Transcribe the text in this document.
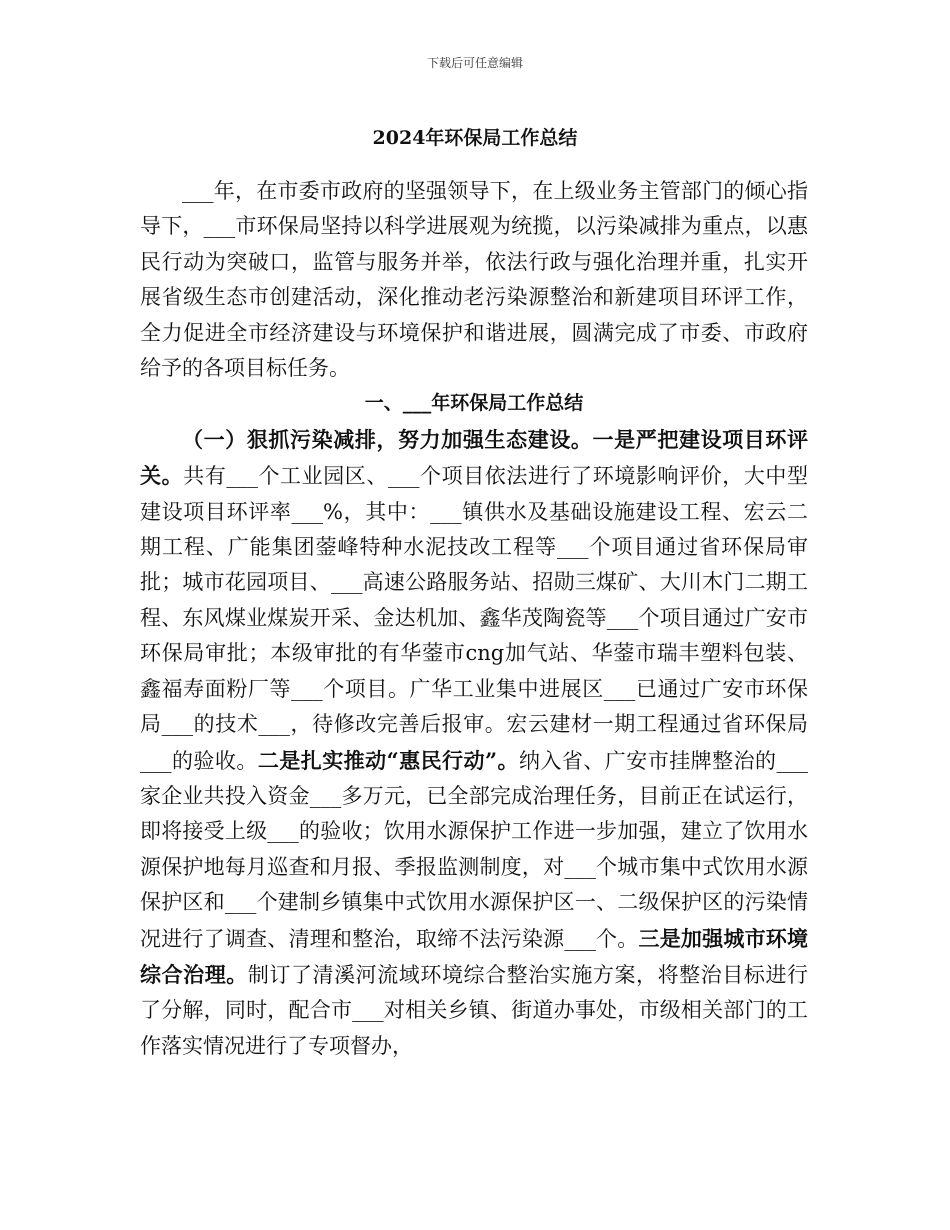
下载后可任意编辑
2024年环保局工作总结

___年，在市委市政府的坚强领导下，在上级业务主管部门的倾心指导下，___市环保局坚持以科学进展观为统揽，以污染减排为重点，以惠民行动为突破口，监管与服务并举，依法行政与强化治理并重，扎实开展省级生态市创建活动，深化推动老污染源整治和新建项目环评工作，全力促进全市经济建设与环境保护和谐进展，圆满完成了市委、市政府给予的各项目标任务。

一、___年环保局工作总结

（一）狠抓污染减排，努力加强生态建设。一是严把建设项目环评关。共有___个工业园区、___个项目依法进行了环境影响评价，大中型建设项目环评率___%，其中：___镇供水及基础设施建设工程、宏云二期工程、广能集团蓥峰特种水泥技改工程等___个项目通过省环保局审批；城市花园项目、___高速公路服务站、招勋三煤矿、大川木门二期工程、东风煤业煤炭开采、金达机加、鑫华茂陶瓷等___个项目通过广安市环保局审批；本级审批的有华蓥市cng加气站、华蓥市瑞丰塑料包装、鑫福寿面粉厂等___个项目。广华工业集中进展区___已通过广安市环保局___的技术___，待修改完善后报审。宏云建材一期工程通过省环保局___的验收。二是扎实推动“惠民行动”。纳入省、广安市挂牌整治的___家企业共投入资金___多万元，已全部完成治理任务，目前正在试运行，即将接受上级___的验收；饮用水源保护工作进一步加强，建立了饮用水源保护地每月巡查和月报、季报监测制度，对___个城市集中式饮用水源保护区和___个建制乡镇集中式饮用水源保护区一、二级保护区的污染情况进行了调查、清理和整治，取缔不法污染源___个。三是加强城市环境综合治理。制订了清溪河流域环境综合整治实施方案，将整治目标进行了分解，同时，配合市___对相关乡镇、街道办事处，市级相关部门的工作落实情况进行了专项督办，
